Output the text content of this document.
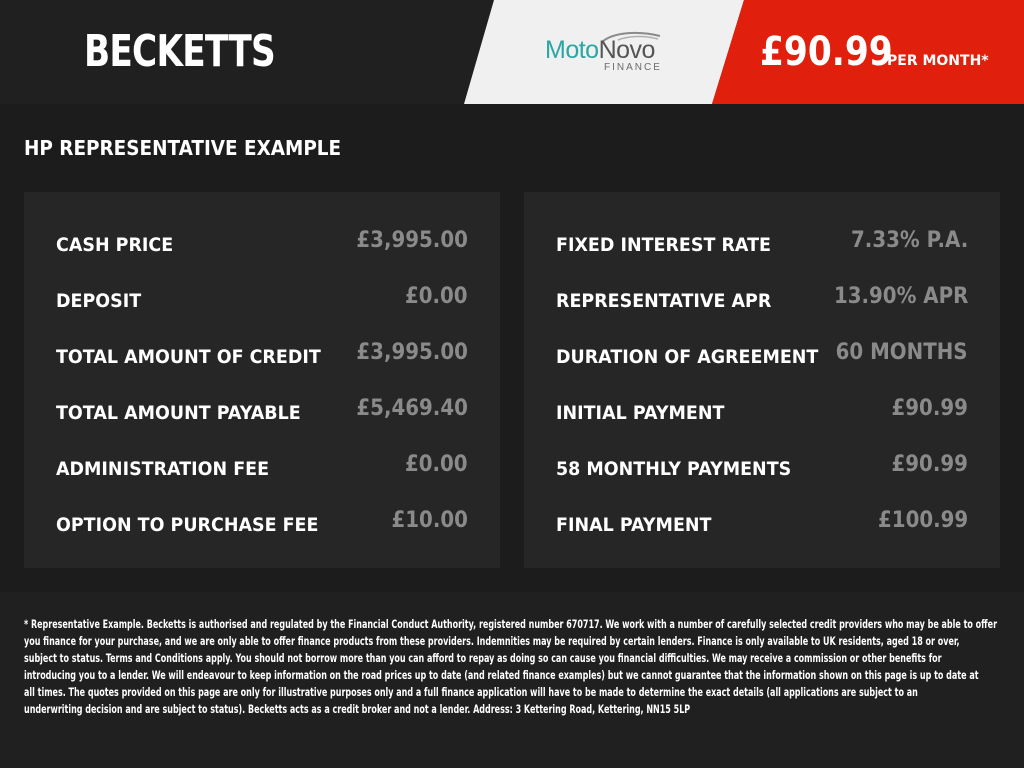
BECKETTS	MotoNovo
FINANCE £90.99
PER MONTH*
HP REPRESENTATIVE EXAMPLE
CASH PRICE	£3,995.00
DEPOSIT	£0.00
TOTAL AMOUNT OF CREDIT £3,995.00
TOTAL AMOUNT PAYABLE	£5,469.40
ADMINISTRATION FEE	£0.00
OPTION TO PURCHASE FEE	£10.00
FIXED INTEREST RATE	7.33% P.A.
REPRESENTATIVE APR	13.90% APR
DURATION OF AGREEMENT 60 MONTHS
INITIAL PAYMENT	£90.99
58 MONTHLY PAYMENTS	£90.99
FINAL PAYMENT	£100.99

* Representative Example. Becketts is authorised and regulated by the Financial Conduct Authority, registered number 670717. We work with a number of carefully selected credit providers who may be able to offer
you finance for your purchase, and we are only able to offer finance products from these providers. Indemnities may be required by certain lenders. Finance is only available to UK residents, aged 18 or over,
subject to status. Terms and Conditions apply. You should not borrow more than you can afford to repay as doing so can cause you financial difficulties. We may receive a commission or other benefits for
introducing you to a lender. We will endeavour to keep information on the road prices up to date (and related finance examples) but we cannot guarantee that the information shown on this page is up to date at
all times. The quotes provided on this page are only for illustrative purposes only and a full finance application will have to be made to determine the exact details (all applications are subject to an
underwriting decision and are subject to status). Becketts acts as a credit broker and not a lender. Address: 3 Kettering Road, Kettering, NN15 5LP
